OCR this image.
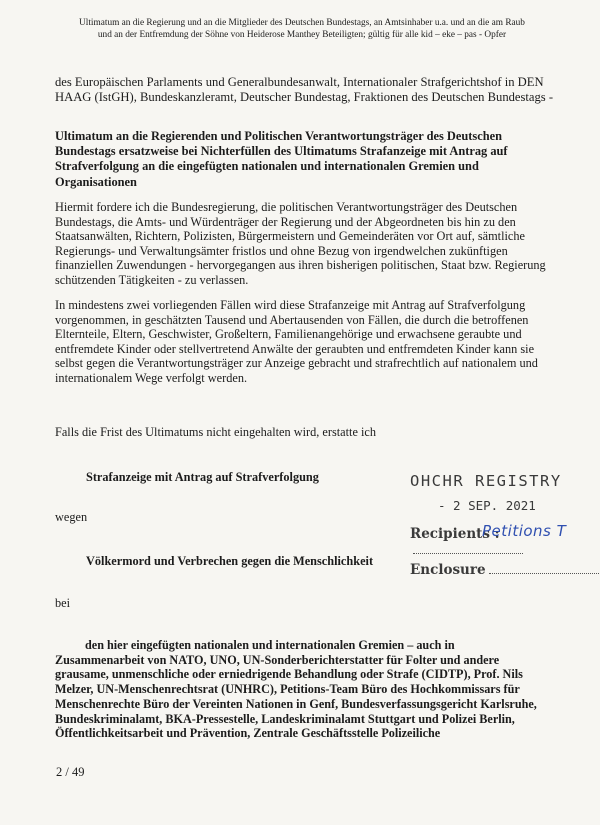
Ultimatum an die Regierung und an die Mitglieder des Deutschen Bundestags, an Amtsinhaber u.a. und an die am Raub
und an der Entfremdung der Söhne von Heiderose Manthey Beteiligten; gültig für alle kid – eke – pas - Opfer
des Europäischen Parlaments und Generalbundesanwalt, Internationaler Strafgerichtshof in DEN
HAAG (IstGH), Bundeskanzleramt, Deutscher Bundestag, Fraktionen des Deutschen Bundestags -
Ultimatum an die Regierenden und Politischen Verantwortungsträger des Deutschen
Bundestags ersatzweise bei Nichterfüllen des Ultimatums Strafanzeige mit Antrag auf
Strafverfolgung an die eingefügten nationalen und internationalen Gremien und
Organisationen
Hiermit fordere ich die Bundesregierung, die politischen Verantwortungsträger des Deutschen
Bundestags, die Amts- und Würdenträger der Regierung und der Abgeordneten bis hin zu den
Staatsanwälten, Richtern, Polizisten, Bürgermeistern und Gemeinderäten vor Ort auf, sämtliche
Regierungs- und Verwaltungsämter fristlos und ohne Bezug von irgendwelchen zukünftigen
finanziellen Zuwendungen - hervorgegangen aus ihren bisherigen politischen, Staat bzw. Regierung
schützenden Tätigkeiten - zu verlassen.
In mindestens zwei vorliegenden Fällen wird diese Strafanzeige mit Antrag auf Strafverfolgung
vorgenommen, in geschätzten Tausend und Abertausenden von Fällen, die durch die betroffenen
Elternteile, Eltern, Geschwister, Großeltern, Familienangehörige und erwachsene geraubte und
entfremdete Kinder oder stellvertretend Anwälte der geraubten und entfremdeten Kinder kann sie
selbst gegen die Verantwortungsträger zur Anzeige gebracht und strafrechtlich auf nationalem und
internationalem Wege verfolgt werden.
Falls die Frist des Ultimatums nicht eingehalten wird, erstatte ich
Strafanzeige mit Antrag auf Strafverfolgung
wegen
Völkermord und Verbrechen gegen die Menschlichkeit
bei
OHCHR REGISTRY
- 2 SEP. 2021
Recipients :
Petitions T
Enclosure
den hier eingefügten nationalen und internationalen Gremien – auch in
Zusammenarbeit von NATO, UNO, UN-Sonderberichterstatter für Folter und andere
grausame, unmenschliche oder erniedrigende Behandlung oder Strafe (CIDTP), Prof. Nils
Melzer, UN-Menschenrechtsrat (UNHRC), Petitions-Team Büro des Hochkommissars für
Menschenrechte Büro der Vereinten Nationen in Genf, Bundesverfassungsgericht Karlsruhe,
Bundeskriminalamt, BKA-Pressestelle, Landeskriminalamt Stuttgart und Polizei Berlin,
Öffentlichkeitsarbeit und Prävention, Zentrale Geschäftsstelle Polizeiliche
2 / 49
